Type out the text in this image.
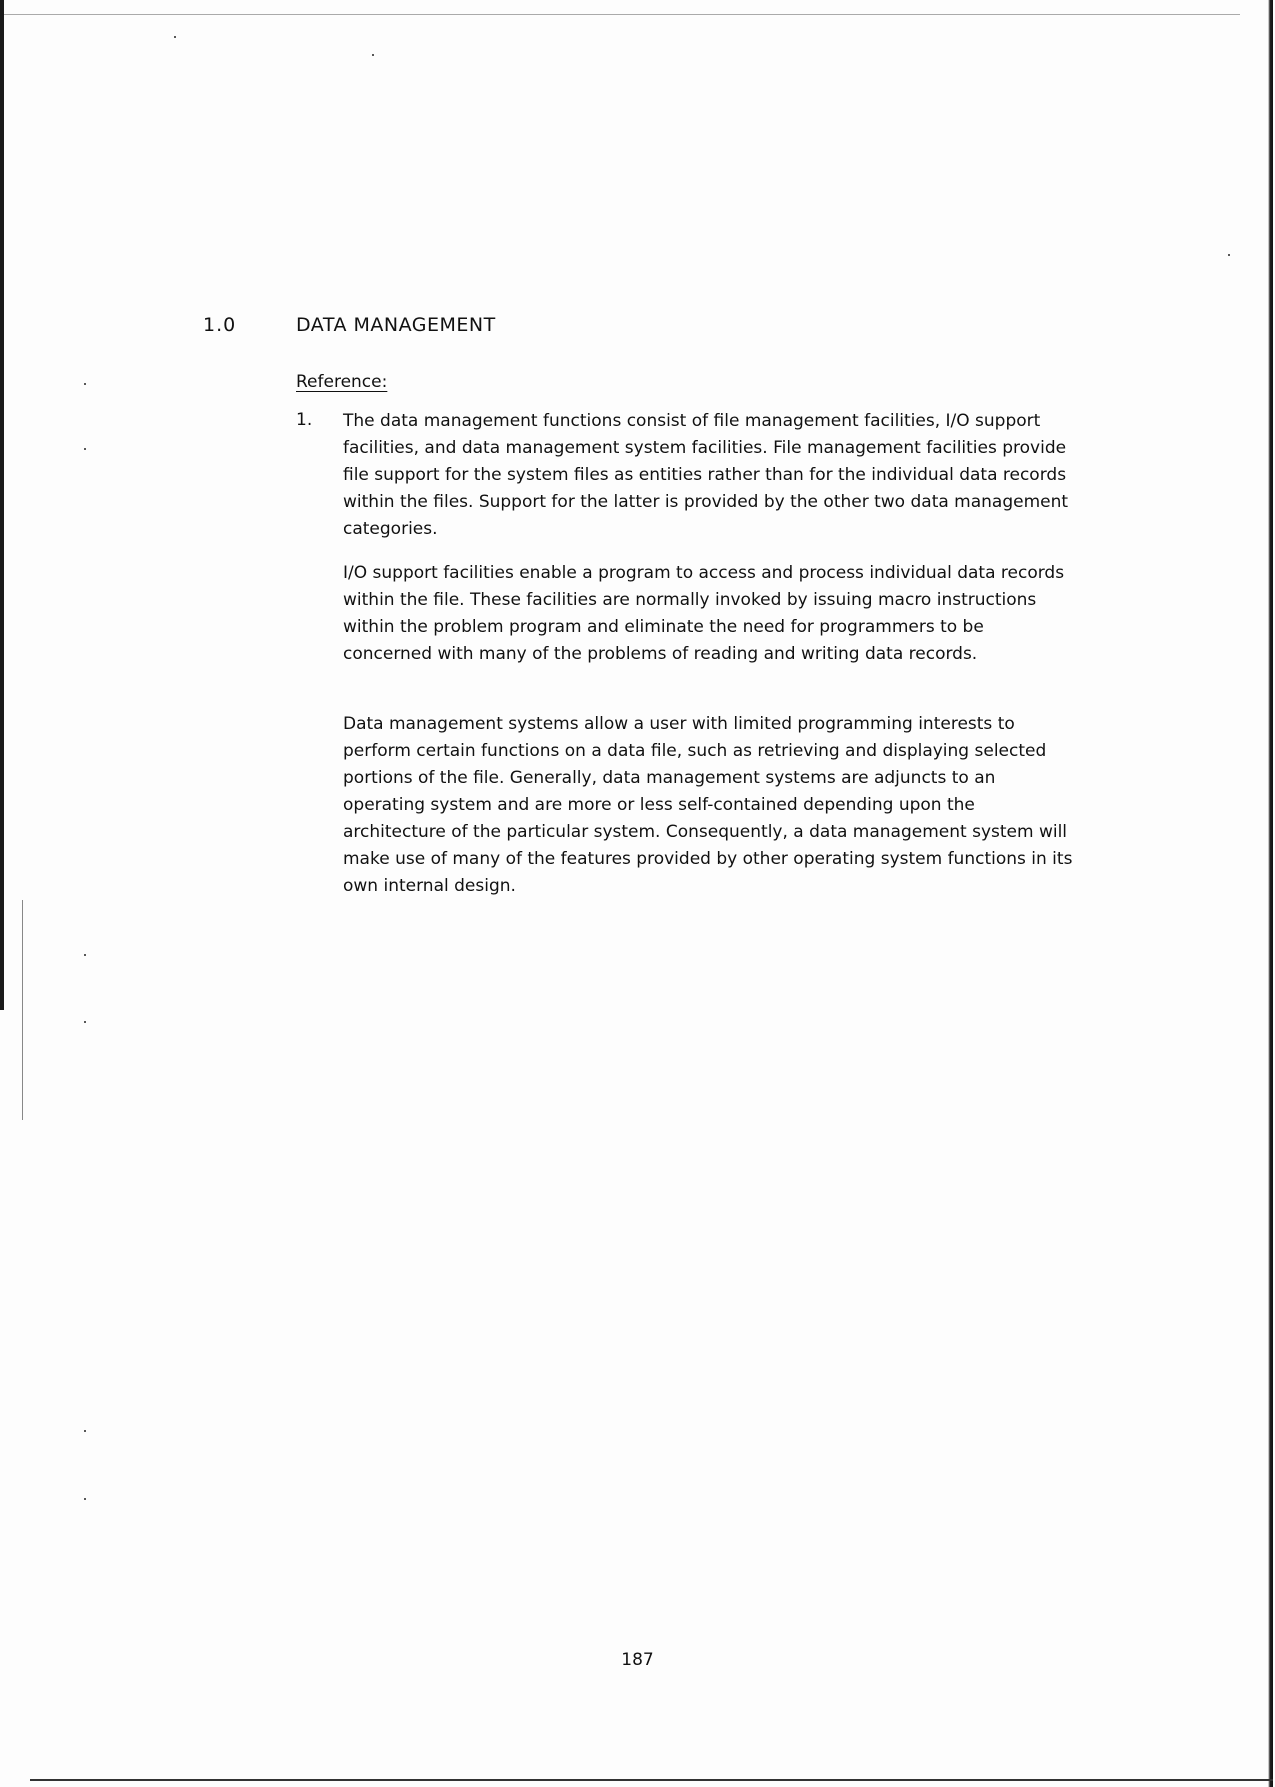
1.0	DATA MANAGEMENT
Reference:
1. The data management functions consist of file management facilities, I/O support facilities, and data management system facilities. File management facilities provide file support for the system files as entities rather than for the individual data records within the files. Support for the latter is provided by the other two data management categories.

I/O support facilities enable a program to access and process individual data records within the file. These facilities are normally invoked by issuing macro instructions within the problem program and eliminate the need for programmers to be concerned with many of the problems of reading and writing data records.

Data management systems allow a user with limited programming interests to perform certain functions on a data file, such as retrieving and displaying selected portions of the file. Generally, data management systems are adjuncts to an operating system and are more or less self-contained depending upon the architecture of the particular system. Consequently, a data management system will make use of many of the features provided by other operating system functions in its own internal design.

187
